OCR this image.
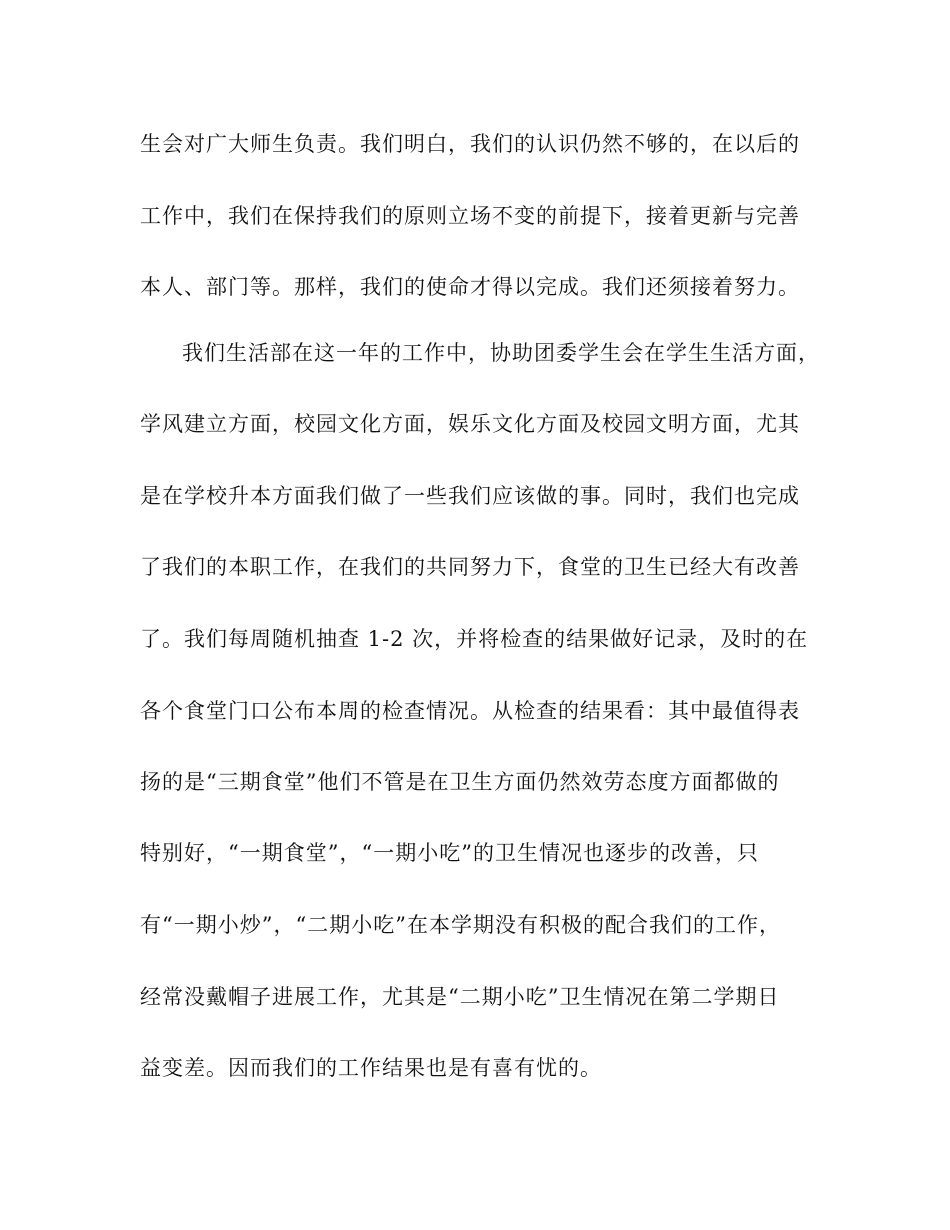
生会对广大师生负责。我们明白，我们的认识仍然不够的，在以后的
工作中，我们在保持我们的原则立场不变的前提下，接着更新与完善
本人、部门等。那样，我们的使命才得以完成。我们还须接着努力。
我们生活部在这一年的工作中，协助团委学生会在学生生活方面，
学风建立方面，校园文化方面，娱乐文化方面及校园文明方面，尤其
是在学校升本方面我们做了一些我们应该做的事。同时，我们也完成
了我们的本职工作，在我们的共同努力下，食堂的卫生已经大有改善
了。我们每周随机抽查 1-2 次，并将检查的结果做好记录，及时的在
各个食堂门口公布本周的检查情况。从检查的结果看：其中最值得表
扬的是“三期食堂”他们不管是在卫生方面仍然效劳态度方面都做的
特别好，“一期食堂”，“一期小吃”的卫生情况也逐步的改善，只
有“一期小炒”，“二期小吃”在本学期没有积极的配合我们的工作，
经常没戴帽子进展工作，尤其是“二期小吃”卫生情况在第二学期日
益变差。因而我们的工作结果也是有喜有忧的。
